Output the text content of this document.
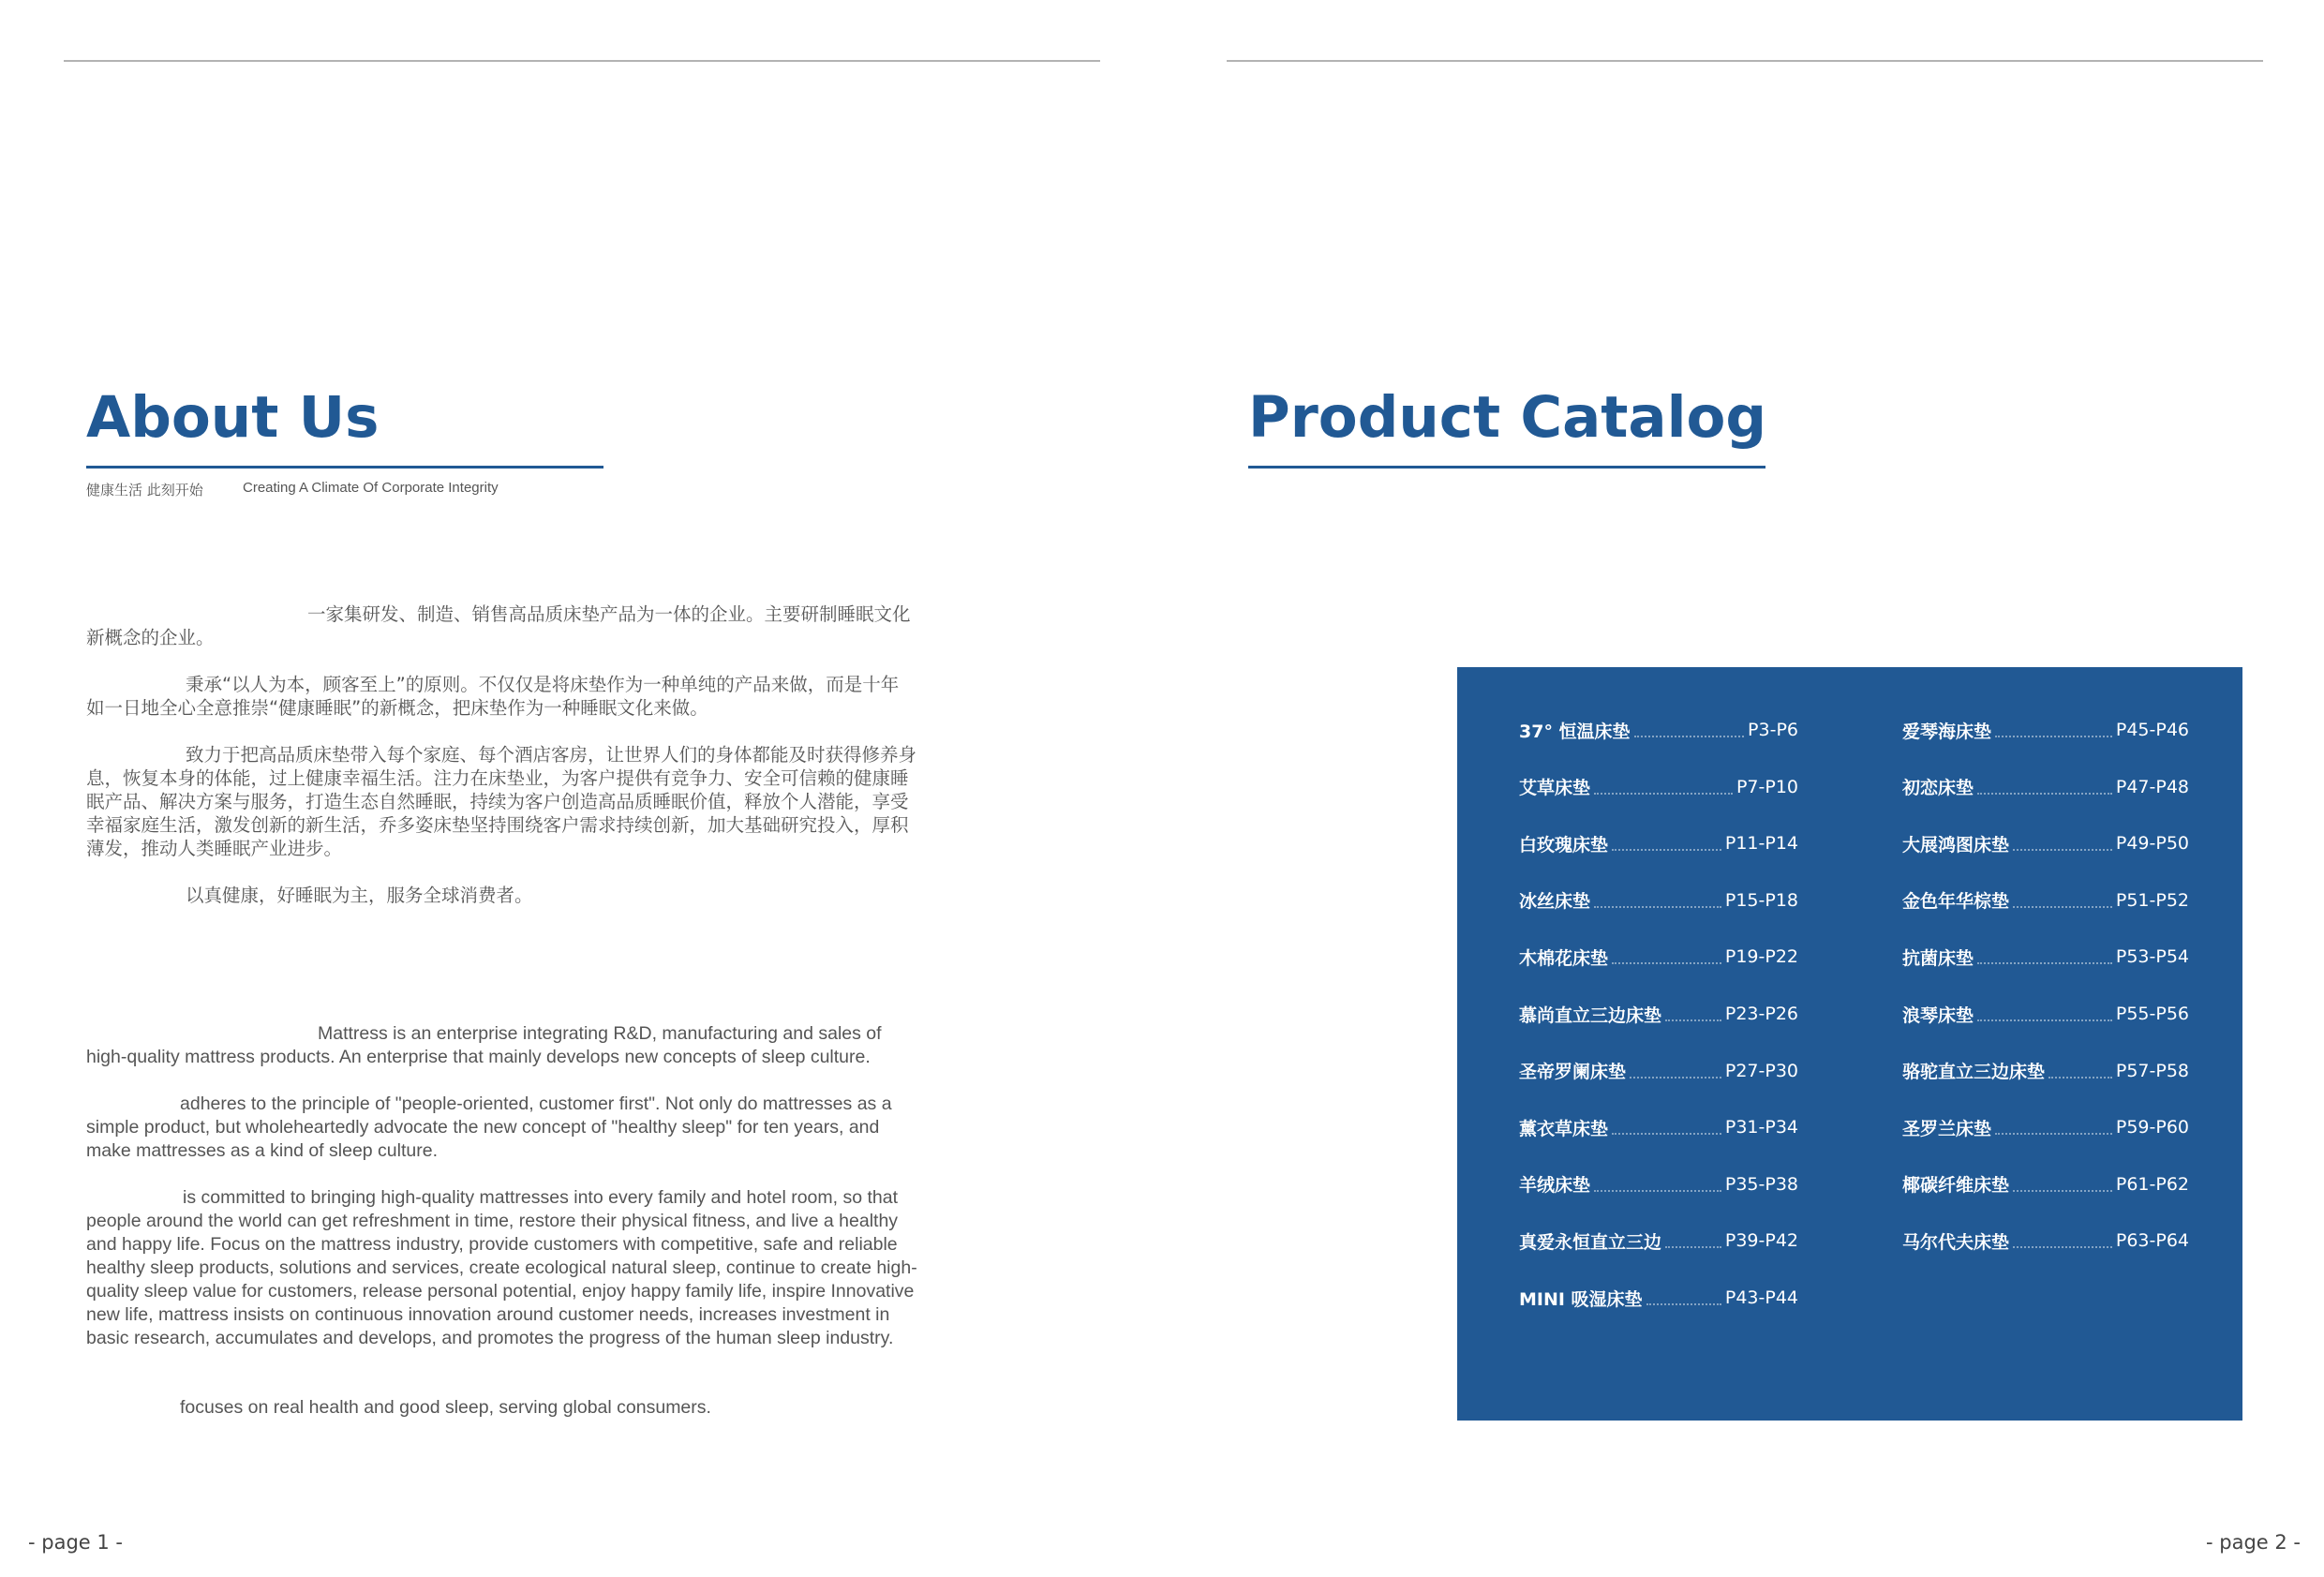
About Us
健康生活 此刻开始	Creating A Climate Of Corporate Integrity

一家集研发、制造、销售高品质床垫产品为一体的企业。主要研制睡眠文化新概念的企业。

秉承“以人为本，顾客至上”的原则。不仅仅是将床垫作为一种单纯的产品来做，而是十年如一日地全心全意推崇“健康睡眠”的新概念，把床垫作为一种睡眠文化来做。

致力于把高品质床垫带入每个家庭、每个酒店客房，让世界人们的身体都能及时获得修养身息，恢复本身的体能，过上健康幸福生活。注力在床垫业，为客户提供有竞争力、安全可信赖的健康睡眠产品、解决方案与服务，打造生态自然睡眠，持续为客户创造高品质睡眠价值，释放个人潜能，享受幸福家庭生活，激发创新的新生活，乔多姿床垫坚持围绕客户需求持续创新，加大基础研究投入，厚积薄发，推动人类睡眠产业进步。

以真健康，好睡眠为主，服务全球消费者。

Mattress is an enterprise integrating R&D, manufacturing and sales of high-quality mattress products. An enterprise that mainly develops new concepts of sleep culture.

adheres to the principle of "people-oriented, customer first". Not only do mattresses as a simple product, but wholeheartedly advocate the new concept of "healthy sleep" for ten years, and make mattresses as a kind of sleep culture.

is committed to bringing high-quality mattresses into every family and hotel room, so that people around the world can get refreshment in time, restore their physical fitness, and live a healthy and happy life. Focus on the mattress industry, provide customers with competitive, safe and reliable healthy sleep products, solutions and services, create ecological natural sleep, continue to create high-quality sleep value for customers, release personal potential, enjoy happy family life, inspire Innovative new life, mattress insists on continuous innovation around customer needs, increases investment in basic research, accumulates and develops, and promotes the progress of the human sleep industry.

focuses on real health and good sleep, serving global consumers.

- page 1 -
Product Catalog
37° 恒温床垫	P3-P6
艾草床垫	P7-P10
白玫瑰床垫	P11-P14
冰丝床垫	P15-P18
木棉花床垫	P19-P22
慕尚直立三边床垫	P23-P26
圣帝罗阑床垫	P27-P30
薰衣草床垫	P31-P34
羊绒床垫	P35-P38
真爱永恒直立三边	P39-P42
MINI 吸湿床垫	P43-P44
爱琴海床垫	P45-P46
初恋床垫	P47-P48
大展鸿图床垫	P49-P50
金色年华棕垫	P51-P52
抗菌床垫	P53-P54
浪琴床垫	P55-P56
骆驼直立三边床垫	P57-P58
圣罗兰床垫	P59-P60
椰碳纤维床垫	P61-P62
马尔代夫床垫	P63-P64
- page 2 -
